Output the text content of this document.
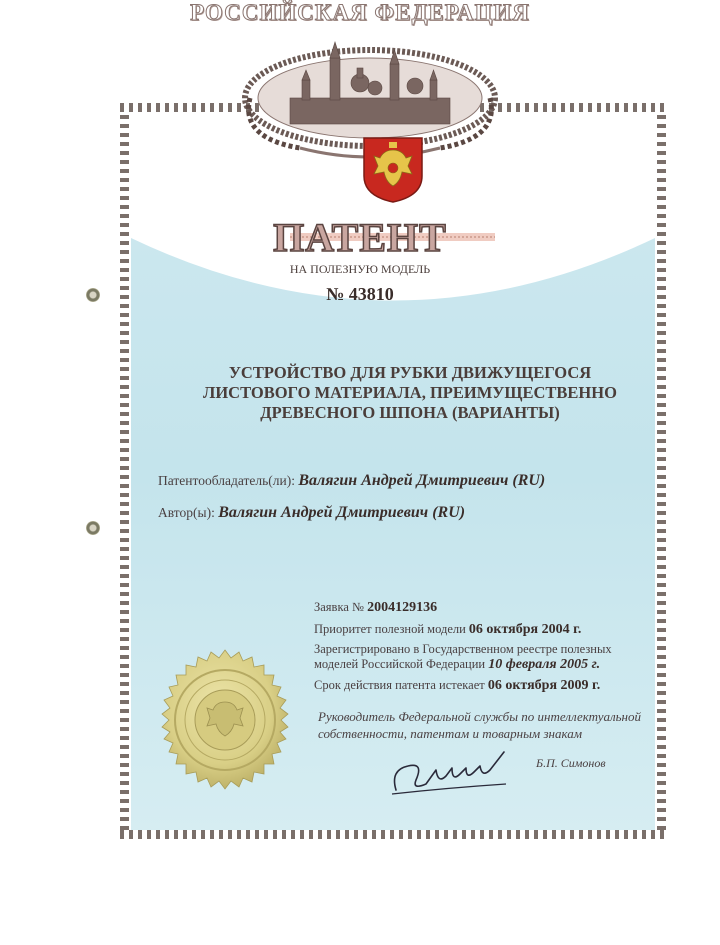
РОССИЙСКАЯ ФЕДЕРАЦИЯ
ПАТЕНТ
НА ПОЛЕЗНУЮ МОДЕЛЬ
№ 43810
УСТРОЙСТВО ДЛЯ РУБКИ ДВИЖУЩЕГОСЯ
ЛИСТОВОГО МАТЕРИАЛА, ПРЕИМУЩЕСТВЕННО
ДРЕВЕСНОГО ШПОНА (ВАРИАНТЫ)
Патентообладатель(ли): Валягин Андрей Дмитриевич (RU)
Автор(ы): Валягин Андрей Дмитриевич (RU)
Заявка № 2004129136
Приоритет полезной модели 06 октября 2004 г.
Зарегистрировано в Государственном реестре полезных
моделей Российской Федерации 10 февраля 2005 г.
Срок действия патента истекает 06 октября 2009 г.
Руководитель Федеральной службы по интеллектуальной
собственности, патентам и товарным знакам
Б.П. Симонов
